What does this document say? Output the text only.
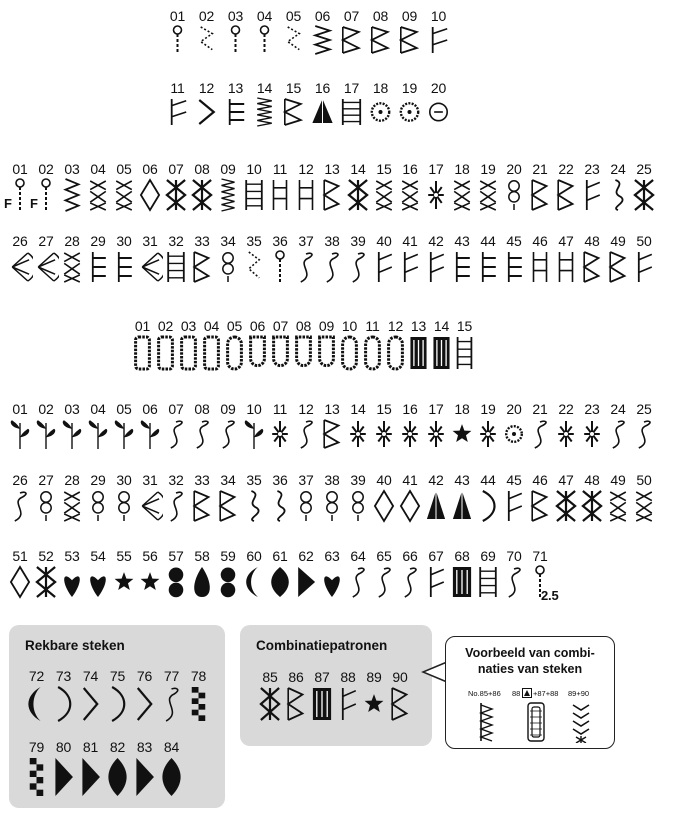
01 02 03 04 05 06 07 08 09 10
11 12 13 14 15 16 17 18 19 20
01 02 03 04 05 06 07 08 09 10 11 12 13 14 15 16 17 18 19 20 21 22 23 24 25
26 27 28 29 30 31 32 33 34 35 36 37 38 39 40 41 42 43 44 45 46 47 48 49 50
01 02 03 04 05 06 07 08 09 10 11 12 13 14 15
01 02 03 04 05 06 07 08 09 10 11 12 13 14 15 16 17 18 19 20 21 22 23 24 25
26 27 28 29 30 31 32 33 34 35 36 37 38 39 40 41 42 43 44 45 46 47 48 49 50
51 52 53 54 55 56 57 58 59 60 61 62 63 64 65 66 67 68 69 70 71
F F
2.5
Rekbare steken
72 73 74 75 76 77 78
79 80 81 82 83 84
Combinatiepatronen
85 86 87 88 89 90
Voorbeeld van combi-
naties van steken
No.85+86 88 +87+88 89+90
